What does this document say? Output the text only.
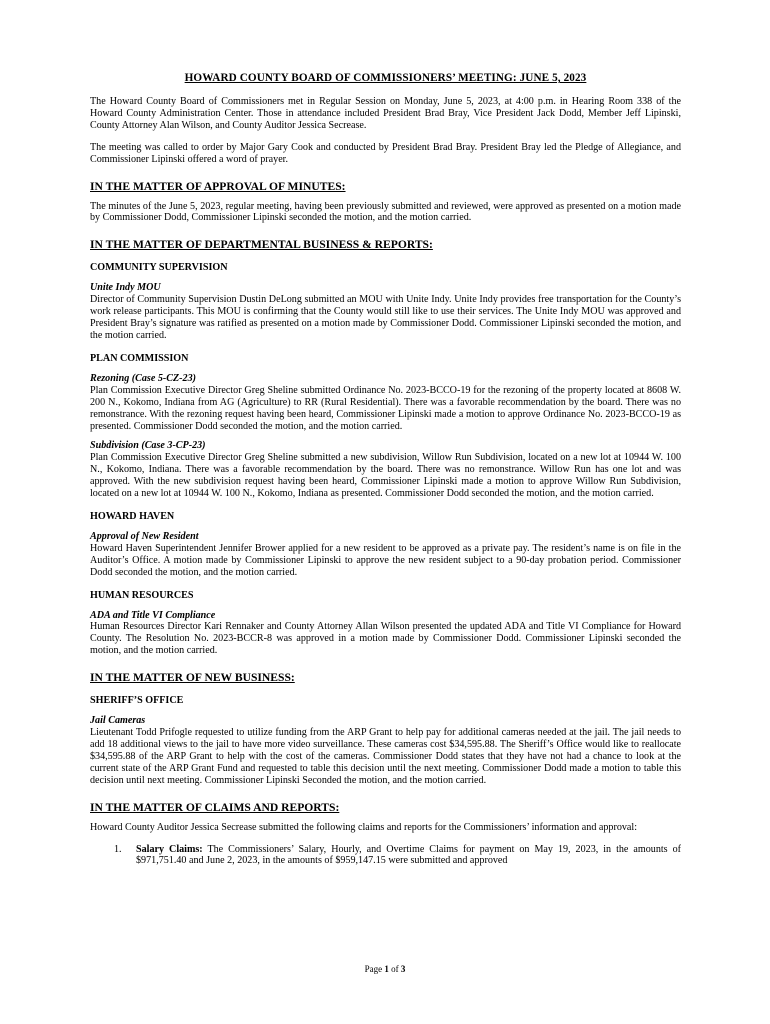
HOWARD COUNTY BOARD OF COMMISSIONERS’ MEETING: JUNE 5, 2023

The Howard County Board of Commissioners met in Regular Session on Monday, June 5, 2023, at 4:00 p.m. in Hearing Room 338 of the Howard County Administration Center. Those in attendance included President Brad Bray, Vice President Jack Dodd, Member Jeff Lipinski, County Attorney Alan Wilson, and County Auditor Jessica Secrease.

The meeting was called to order by Major Gary Cook and conducted by President Brad Bray. President Bray led the Pledge of Allegiance, and Commissioner Lipinski offered a word of prayer.

IN THE MATTER OF APPROVAL OF MINUTES:

The minutes of the June 5, 2023, regular meeting, having been previously submitted and reviewed, were approved as presented on a motion made by Commissioner Dodd, Commissioner Lipinski seconded the motion, and the motion carried.

IN THE MATTER OF DEPARTMENTAL BUSINESS & REPORTS:
COMMUNITY SUPERVISION
Unite Indy MOU

Director of Community Supervision Dustin DeLong submitted an MOU with Unite Indy. Unite Indy provides free transportation for the County’s work release participants. This MOU is confirming that the County would still like to use their services. The Unite Indy MOU was approved and President Bray’s signature was ratified as presented on a motion made by Commissioner Dodd. Commissioner Lipinski seconded the motion, and the motion carried.

PLAN COMMISSION
Rezoning (Case 5-CZ-23)

Plan Commission Executive Director Greg Sheline submitted Ordinance No. 2023-BCCO-19 for the rezoning of the property located at 8608 W. 200 N., Kokomo, Indiana from AG (Agriculture) to RR (Rural Residential). There was a favorable recommendation by the board. There was no remonstrance. With the rezoning request having been heard, Commissioner Lipinski made a motion to approve Ordinance No. 2023-BCCO-19 as presented. Commissioner Dodd seconded the motion, and the motion carried.

Subdivision (Case 3-CP-23)

Plan Commission Executive Director Greg Sheline submitted a new subdivision, Willow Run Subdivision, located on a new lot at 10944 W. 100 N., Kokomo, Indiana. There was a favorable recommendation by the board. There was no remonstrance. Willow Run has one lot and was approved. With the new subdivision request having been heard, Commissioner Lipinski made a motion to approve Willow Run Subdivision, located on a new lot at 10944 W. 100 N., Kokomo, Indiana as presented. Commissioner Dodd seconded the motion, and the motion carried.

HOWARD HAVEN
Approval of New Resident

Howard Haven Superintendent Jennifer Brower applied for a new resident to be approved as a private pay. The resident’s name is on file in the Auditor’s Office. A motion made by Commissioner Lipinski to approve the new resident subject to a 90-day probation period. Commissioner Dodd seconded the motion, and the motion carried.

HUMAN RESOURCES
ADA and Title VI Compliance

Human Resources Director Kari Rennaker and County Attorney Allan Wilson presented the updated ADA and Title VI Compliance for Howard County. The Resolution No. 2023-BCCR-8 was approved in a motion made by Commissioner Dodd. Commissioner Lipinski seconded the motion, and the motion carried.

IN THE MATTER OF NEW BUSINESS:
SHERIFF’S OFFICE
Jail Cameras

Lieutenant Todd Prifogle requested to utilize funding from the ARP Grant to help pay for additional cameras needed at the jail. The jail needs to add 18 additional views to the jail to have more video surveillance. These cameras cost $34,595.88. The Sheriff’s Office would like to reallocate $34,595.88 of the ARP Grant to help with the cost of the cameras. Commissioner Dodd states that they have not had a chance to look at the current state of the ARP Grant Fund and requested to table this decision until the next meeting. Commissioner Dodd made a motion to table this decision until next meeting. Commissioner Lipinski Seconded the motion, and the motion carried.

IN THE MATTER OF CLAIMS AND REPORTS:

Howard County Auditor Jessica Secrease submitted the following claims and reports for the Commissioners’ information and approval:

1. Salary Claims: The Commissioners’ Salary, Hourly, and Overtime Claims for payment on May 19, 2023, in the amounts of $971,751.40 and June 2, 2023, in the amounts of $959,147.15 were submitted and approved
Page 1 of 3
